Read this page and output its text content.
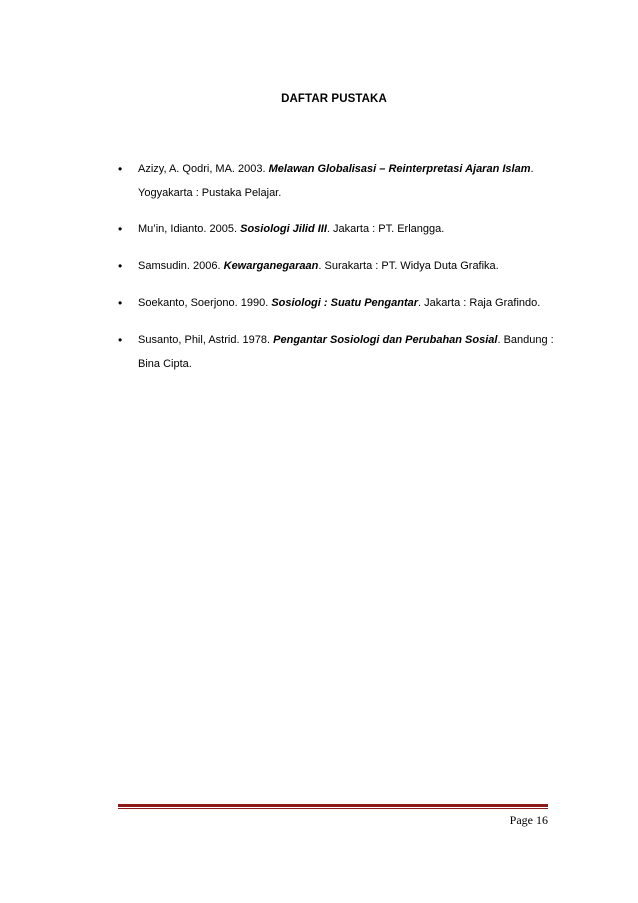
DAFTAR PUSTAKA
• Azizy, A. Qodri, MA. 2003. Melawan Globalisasi – Reinterpretasi Ajaran Islam. Yogyakarta : Pustaka Pelajar.
• Mu’in, Idianto. 2005. Sosiologi Jilid III. Jakarta : PT. Erlangga.
• Samsudin. 2006. Kewarganegaraan. Surakarta : PT. Widya Duta Grafika.
• Soekanto, Soerjono. 1990. Sosiologi : Suatu Pengantar. Jakarta : Raja Grafindo.
• Susanto, Phil, Astrid. 1978. Pengantar Sosiologi dan Perubahan Sosial. Bandung : Bina Cipta.
Page 16
